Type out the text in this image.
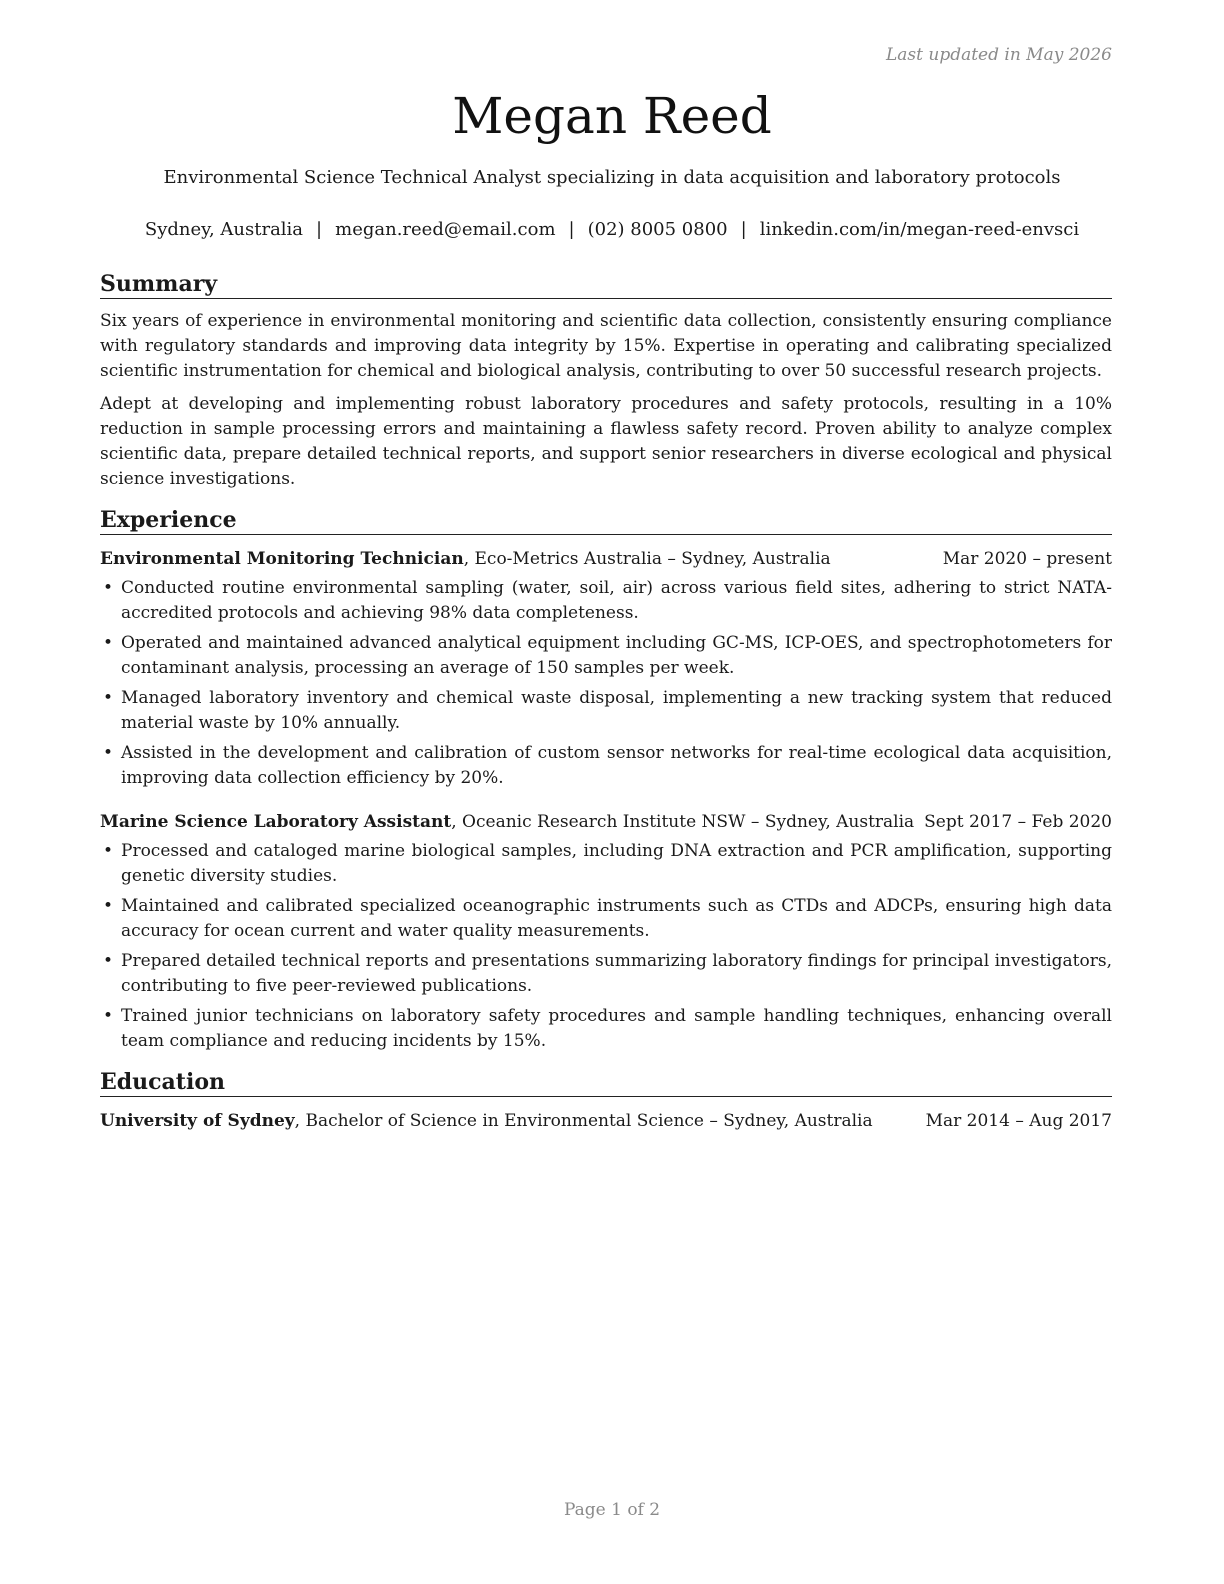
Last updated in May 2026
Megan Reed
Environmental Science Technical Analyst specializing in data acquisition and laboratory protocols
Sydney, Australia | megan.reed@email.com | (02) 8005 0800 | linkedin.com/in/megan-reed-envsci
Summary

Six years of experience in environmental monitoring and scientific data collection, consistently ensuring compliance with regulatory standards and improving data integrity by 15%. Expertise in operating and calibrating specialized scientific instrumentation for chemical and biological analysis, contributing to over 50 successful research projects.

Adept at developing and implementing robust laboratory procedures and safety protocols, resulting in a 10% reduction in sample processing errors and maintaining a flawless safety record. Proven ability to analyze complex scientific data, prepare detailed technical reports, and support senior researchers in diverse ecological and physical science investigations.

Experience
Environmental Monitoring Technician, Eco-Metrics Australia – Sydney, Australia	Mar 2020 – present
• Conducted routine environmental sampling (water, soil, air) across various field sites, adhering to strict NATA-accredited protocols and achieving 98% data completeness.
• Operated and maintained advanced analytical equipment including GC-MS, ICP-OES, and spectrophotometers for contaminant analysis, processing an average of 150 samples per week.
• Managed laboratory inventory and chemical waste disposal, implementing a new tracking system that reduced material waste by 10% annually.
• Assisted in the development and calibration of custom sensor networks for real-time ecological data acquisition, improving data collection efficiency by 20%.
Marine Science Laboratory Assistant, Oceanic Research Institute NSW – Sydney, Australia Sept 2017 – Feb 2020
• Processed and cataloged marine biological samples, including DNA extraction and PCR amplification, supporting genetic diversity studies.
• Maintained and calibrated specialized oceanographic instruments such as CTDs and ADCPs, ensuring high data accuracy for ocean current and water quality measurements.
• Prepared detailed technical reports and presentations summarizing laboratory findings for principal investigators, contributing to five peer-reviewed publications.
• Trained junior technicians on laboratory safety procedures and sample handling techniques, enhancing overall team compliance and reducing incidents by 15%.
Education
University of Sydney, Bachelor of Science in Environmental Science – Sydney, Australia	Mar 2014 – Aug 2017
Page 1 of 2
